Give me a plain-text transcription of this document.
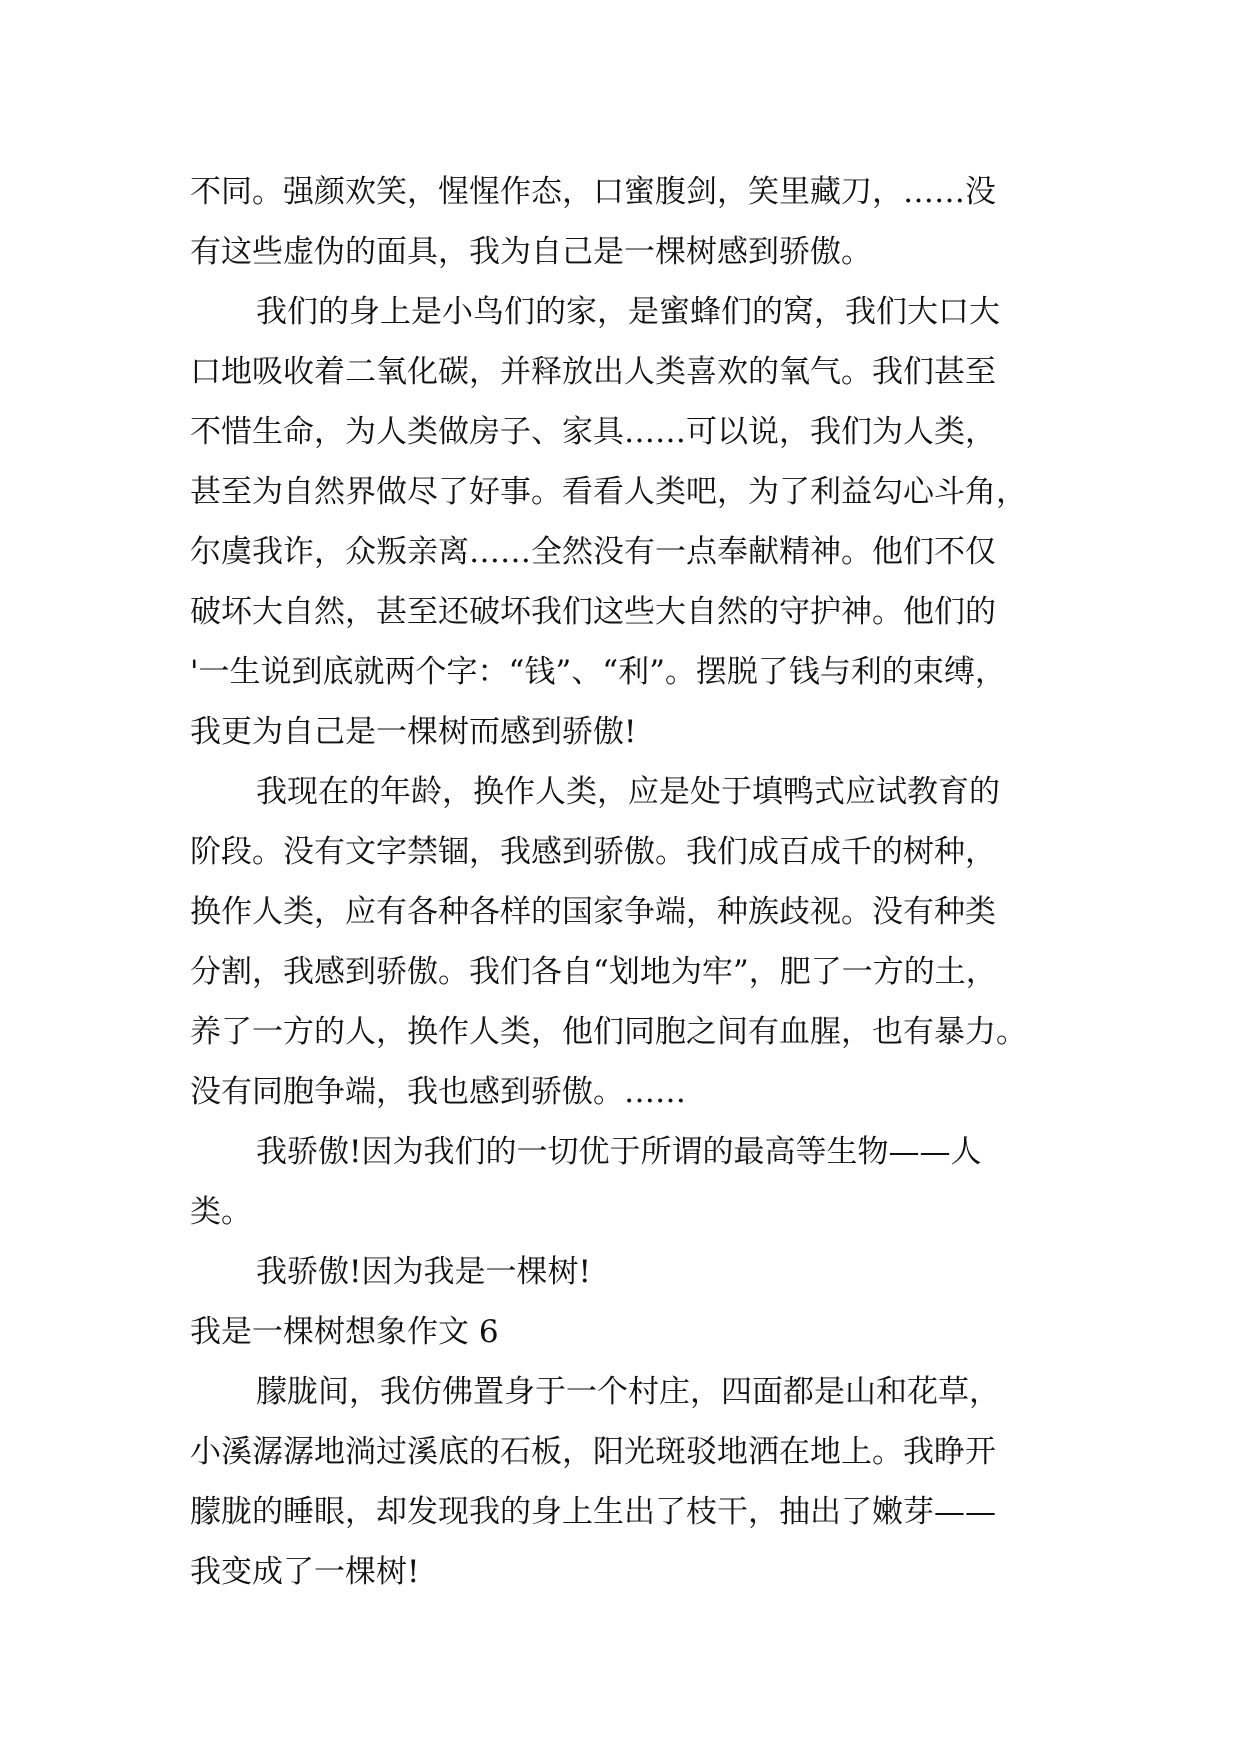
不同。强颜欢笑，惺惺作态，口蜜腹剑，笑里藏刀，……没
有这些虚伪的面具，我为自己是一棵树感到骄傲。

我们的身上是小鸟们的家，是蜜蜂们的窝，我们大口大
口地吸收着二氧化碳，并释放出人类喜欢的氧气。我们甚至
不惜生命，为人类做房子、家具……可以说，我们为人类，
甚至为自然界做尽了好事。看看人类吧，为了利益勾心斗角，
尔虞我诈，众叛亲离……全然没有一点奉献精神。他们不仅
破坏大自然，甚至还破坏我们这些大自然的守护神。他们的
'一生说到底就两个字：“钱”、“利”。摆脱了钱与利的束缚，
我更为自己是一棵树而感到骄傲!

我现在的年龄，换作人类，应是处于填鸭式应试教育的
阶段。没有文字禁锢，我感到骄傲。我们成百成千的树种，
换作人类，应有各种各样的国家争端，种族歧视。没有种类
分割，我感到骄傲。我们各自“划地为牢”，肥了一方的土，
养了一方的人，换作人类，他们同胞之间有血腥，也有暴力。
没有同胞争端，我也感到骄傲。……

我骄傲!因为我们的一切优于所谓的最高等生物——人
类。

我骄傲!因为我是一棵树!

我是一棵树想象作文 6

朦胧间，我仿佛置身于一个村庄，四面都是山和花草，
小溪潺潺地淌过溪底的石板，阳光斑驳地洒在地上。我睁开
朦胧的睡眼，却发现我的身上生出了枝干，抽出了嫩芽——
我变成了一棵树!
